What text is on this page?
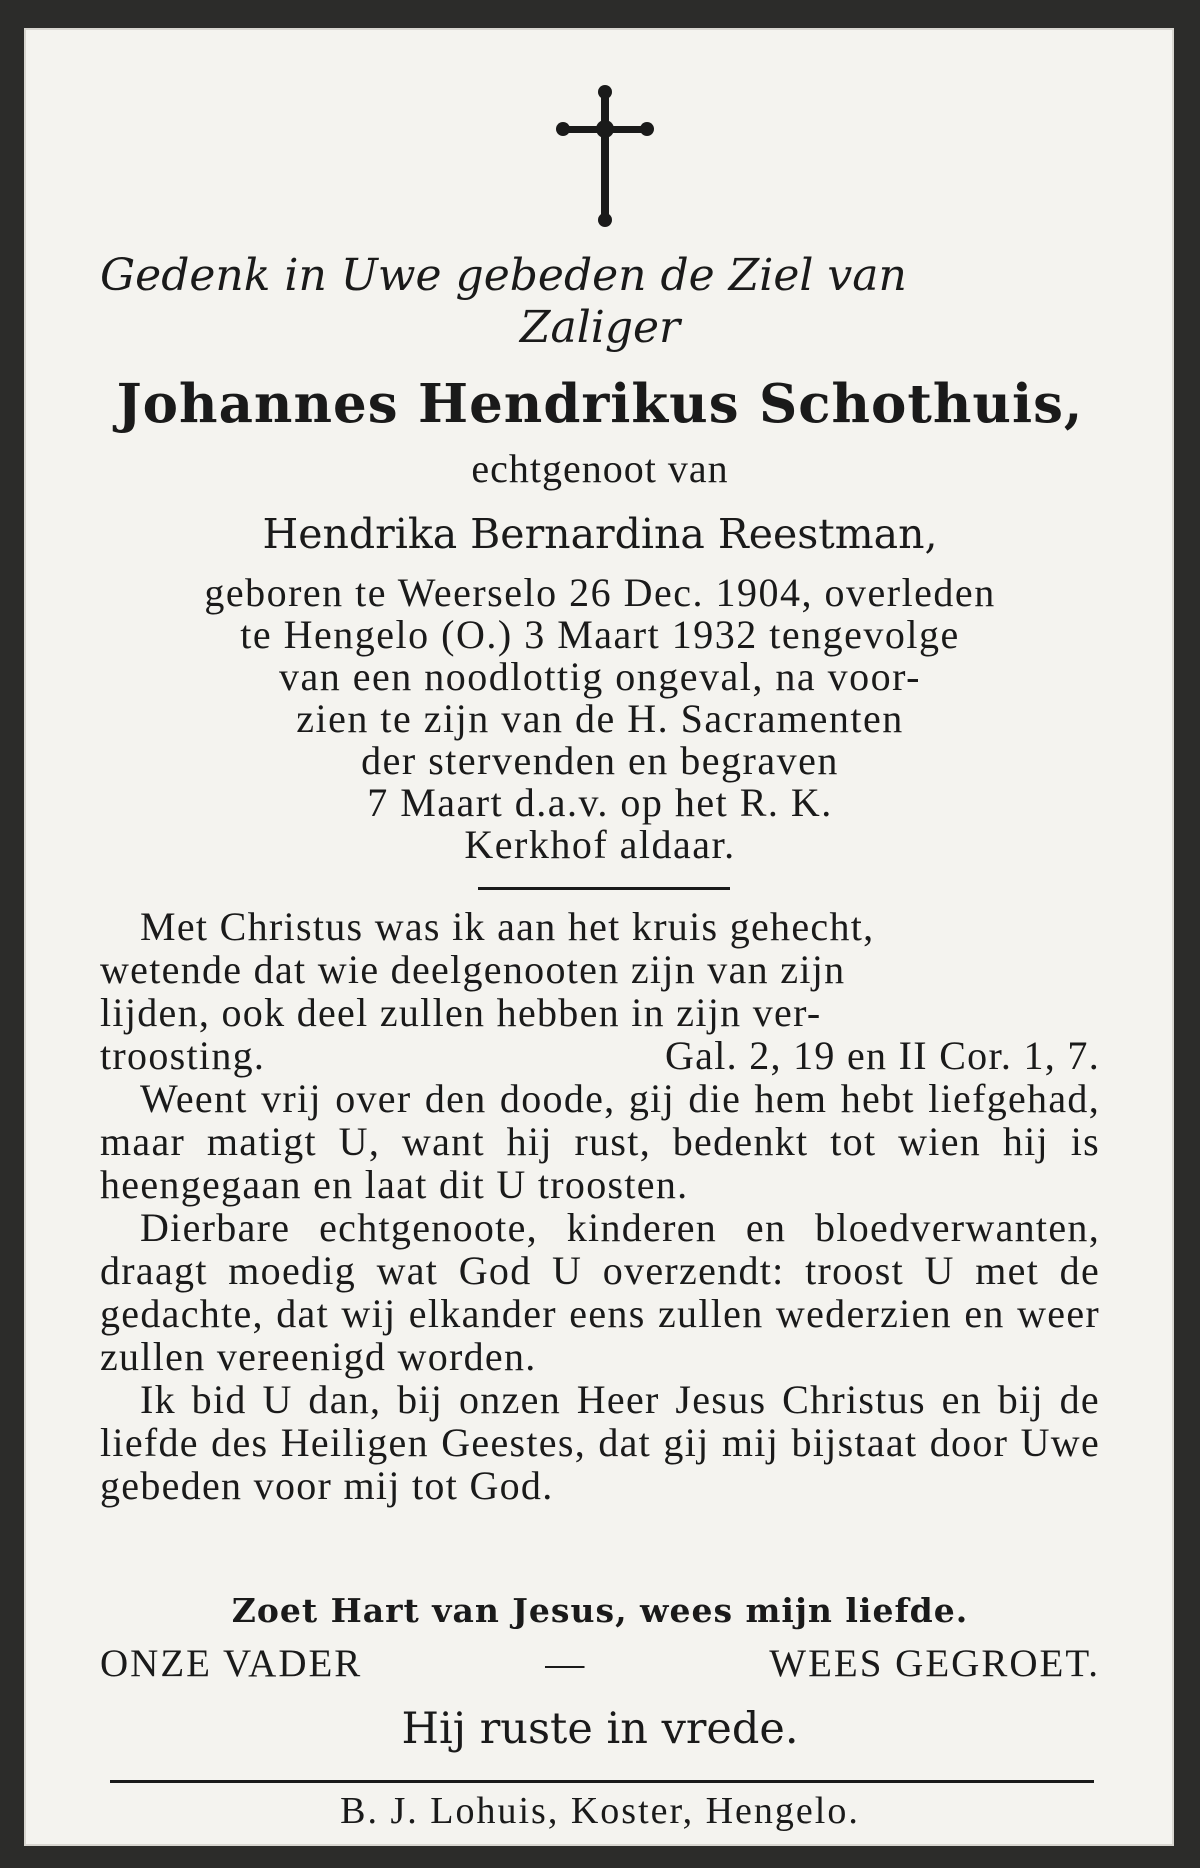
Gedenk in Uwe gebeden de Ziel van
Zaliger
Johannes Hendrikus Schothuis,
echtgenoot van
Hendrika Bernardina Reestman,

geboren te Weerselo 26 Dec. 1904, overleden

te Hengelo (O.) 3 Maart 1932 tengevolge

van een noodlottig ongeval, na voor-

zien te zijn van de H. Sacramenten

der stervenden en begraven

7 Maart d.a.v. op het R. K.

Kerkhof aldaar.

Met Christus was ik aan het kruis gehecht,

wetende dat wie deelgenooten zijn van zijn

lijden, ook deel zullen hebben in zijn ver-

troosting.	Gal. 2, 19 en II Cor. 1, 7.

Weent vrij over den doode, gij die hem hebt liefgehad, maar matigt U, want hij rust, bedenkt tot wien hij is heengegaan en laat dit U troosten.

Dierbare echtgenoote, kinderen en bloedverwanten, draagt moedig wat God U overzendt: troost U met de gedachte, dat wij elkander eens zullen wederzien en weer zullen vereenigd worden.

Ik bid U dan, bij onzen Heer Jesus Christus en bij de liefde des Heiligen Geestes, dat gij mij bijstaat door Uwe gebeden voor mij tot God.

Zoet Hart van Jesus, wees mijn liefde.
ONZE VADER	—	WEES GEGROET.
Hij ruste in vrede.
B. J. Lohuis, Koster, Hengelo.
